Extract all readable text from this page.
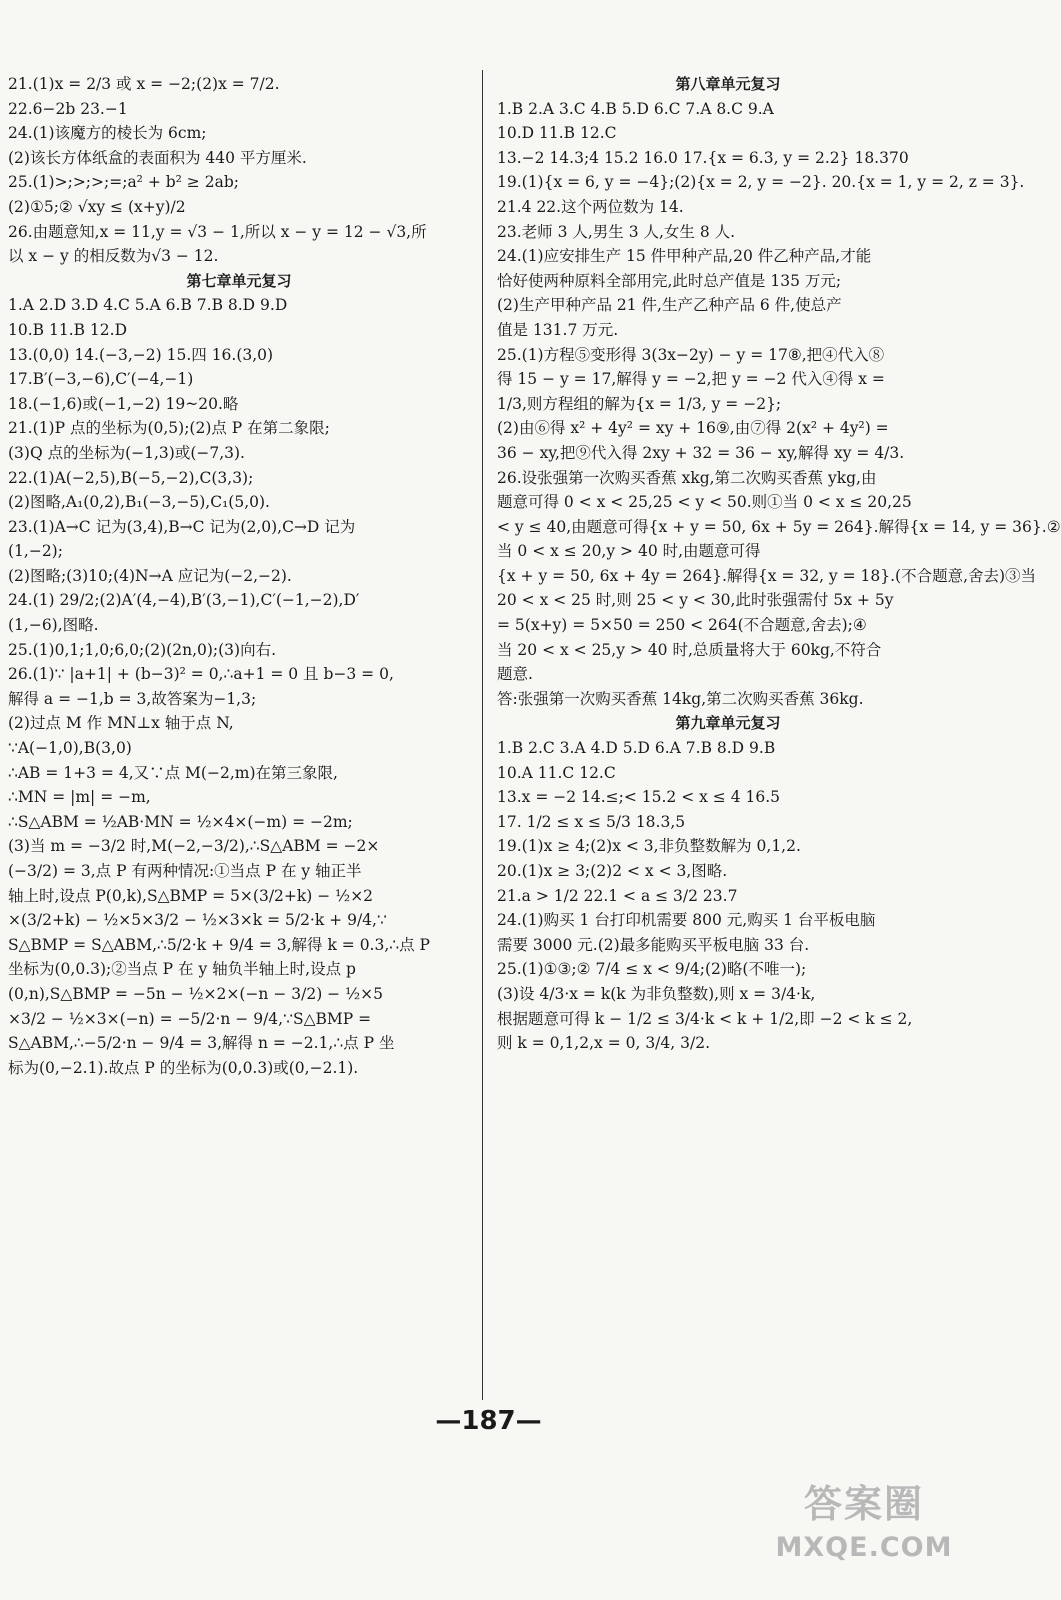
21.(1)x = 2/3 或 x = −2;(2)x = 7/2.
22.6−2b 23.−1
24.(1)该魔方的棱长为 6cm;
(2)该长方体纸盒的表面积为 440 平方厘米.
25.(1)>;>;>;=;a² + b² ≥ 2ab;
(2)①5;② √xy ≤ (x+y)/2
26.由题意知,x = 11,y = √3 − 1,所以 x − y = 12 − √3,所
以 x − y 的相反数为√3 − 12.
第七章单元复习
1.A 2.D 3.D 4.C 5.A 6.B 7.B 8.D 9.D
10.B 11.B 12.D
13.(0,0) 14.(−3,−2) 15.四 16.(3,0)
17.B′(−3,−6),C′(−4,−1)
18.(−1,6)或(−1,−2) 19~20.略
21.(1)P 点的坐标为(0,5);(2)点 P 在第二象限;
(3)Q 点的坐标为(−1,3)或(−7,3).
22.(1)A(−2,5),B(−5,−2),C(3,3);
(2)图略,A₁(0,2),B₁(−3,−5),C₁(5,0).
23.(1)A→C 记为(3,4),B→C 记为(2,0),C→D 记为
(1,−2);
(2)图略;(3)10;(4)N→A 应记为(−2,−2).
24.(1) 29/2;(2)A′(4,−4),B′(3,−1),C′(−1,−2),D′
(1,−6),图略.
25.(1)0,1;1,0;6,0;(2)(2n,0);(3)向右.
26.(1)∵ |a+1| + (b−3)² = 0,∴a+1 = 0 且 b−3 = 0,
解得 a = −1,b = 3,故答案为−1,3;
(2)过点 M 作 MN⊥x 轴于点 N,
∵A(−1,0),B(3,0)
∴AB = 1+3 = 4,又∵点 M(−2,m)在第三象限,
∴MN = |m| = −m,
∴S△ABM = ½AB·MN = ½×4×(−m) = −2m;
(3)当 m = −3/2 时,M(−2,−3/2),∴S△ABM = −2×
(−3/2) = 3,点 P 有两种情况:①当点 P 在 y 轴正半
轴上时,设点 P(0,k),S△BMP = 5×(3/2+k) − ½×2
×(3/2+k) − ½×5×3/2 − ½×3×k = 5/2·k + 9/4,∵
S△BMP = S△ABM,∴5/2·k + 9/4 = 3,解得 k = 0.3,∴点 P
坐标为(0,0.3);②当点 P 在 y 轴负半轴上时,设点 p
(0,n),S△BMP = −5n − ½×2×(−n − 3/2) − ½×5
×3/2 − ½×3×(−n) = −5/2·n − 9/4,∵S△BMP =
S△ABM,∴−5/2·n − 9/4 = 3,解得 n = −2.1,∴点 P 坐
标为(0,−2.1).故点 P 的坐标为(0,0.3)或(0,−2.1).
第八章单元复习
1.B 2.A 3.C 4.B 5.D 6.C 7.A 8.C 9.A
10.D 11.B 12.C
13.−2 14.3;4 15.2 16.0 17.{x = 6.3, y = 2.2} 18.370
19.(1){x = 6, y = −4};(2){x = 2, y = −2}. 20.{x = 1, y = 2, z = 3}.
21.4 22.这个两位数为 14.
23.老师 3 人,男生 3 人,女生 8 人.
24.(1)应安排生产 15 件甲种产品,20 件乙种产品,才能
恰好使两种原料全部用完,此时总产值是 135 万元;
(2)生产甲种产品 21 件,生产乙种产品 6 件,使总产
值是 131.7 万元.
25.(1)方程⑤变形得 3(3x−2y) − y = 17⑧,把④代入⑧
得 15 − y = 17,解得 y = −2,把 y = −2 代入④得 x =
1/3,则方程组的解为{x = 1/3, y = −2};
(2)由⑥得 x² + 4y² = xy + 16⑨,由⑦得 2(x² + 4y²) =
36 − xy,把⑨代入得 2xy + 32 = 36 − xy,解得 xy = 4/3.
26.设张强第一次购买香蕉 xkg,第二次购买香蕉 ykg,由
题意可得 0 < x < 25,25 < y < 50.则①当 0 < x ≤ 20,25
< y ≤ 40,由题意可得{x + y = 50, 6x + 5y = 264}.解得{x = 14, y = 36}.②
当 0 < x ≤ 20,y > 40 时,由题意可得
{x + y = 50, 6x + 4y = 264}.解得{x = 32, y = 18}.(不合题意,舍去)③当
20 < x < 25 时,则 25 < y < 30,此时张强需付 5x + 5y
= 5(x+y) = 5×50 = 250 < 264(不合题意,舍去);④
当 20 < x < 25,y > 40 时,总质量将大于 60kg,不符合
题意.
答:张强第一次购买香蕉 14kg,第二次购买香蕉 36kg.
第九章单元复习
1.B 2.C 3.A 4.D 5.D 6.A 7.B 8.D 9.B
10.A 11.C 12.C
13.x = −2 14.≤;< 15.2 < x ≤ 4 16.5
17. 1/2 ≤ x ≤ 5/3 18.3,5
19.(1)x ≥ 4;(2)x < 3,非负整数解为 0,1,2.
20.(1)x ≥ 3;(2)2 < x < 3,图略.
21.a > 1/2 22.1 < a ≤ 3/2 23.7
24.(1)购买 1 台打印机需要 800 元,购买 1 台平板电脑
需要 3000 元.(2)最多能购买平板电脑 33 台.
25.(1)①③;② 7/4 ≤ x < 9/4;(2)略(不唯一);
(3)设 4/3·x = k(k 为非负整数),则 x = 3/4·k,
根据题意可得 k − 1/2 ≤ 3/4·k < k + 1/2,即 −2 < k ≤ 2,
则 k = 0,1,2,x = 0, 3/4, 3/2.
—187—
答案圈
MXQE.COM
